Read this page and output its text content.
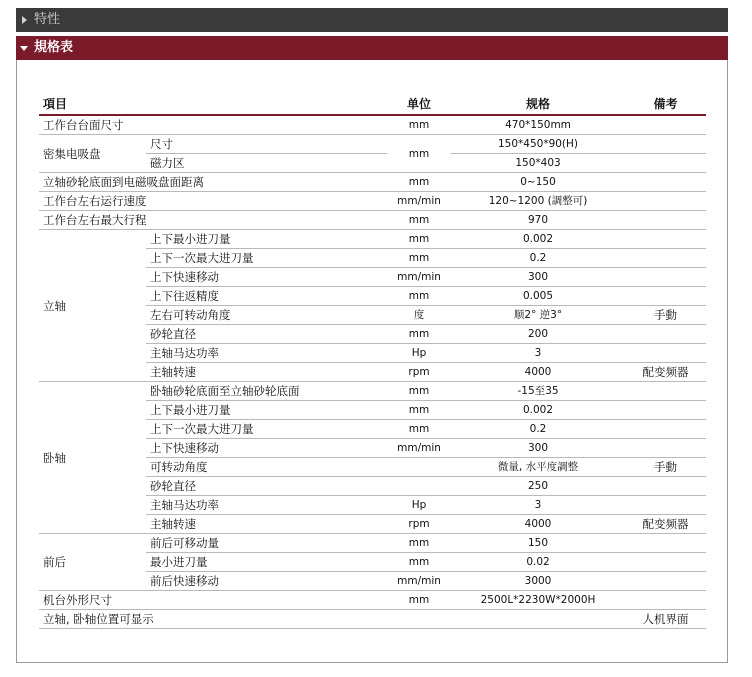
特性
規格表
項目		单位	规格	備考
工作台台面尺寸		mm	470*150mm	
密集电吸盘	尺寸	mm	150*450*90(H)	
	磁力区		150*403	
立轴砂轮底面到电磁吸盘面距离		mm	0~150	
工作台左右运行速度		mm/min	120~1200 (調整可)	
工作台左右最大行程		mm	970	
立轴	上下最小进刀量	mm	0.002	
	上下一次最大进刀量	mm	0.2	
	上下快速移动	mm/min	300	
	上下往返精度	mm	0.005	
	左右可转动角度	度	顺2° 逆3°	手動
	砂轮直径	mm	200	
	主轴马达功率	Hp	3	
	主轴转速	rpm	4000	配变频器
卧轴	卧轴砂轮底面至立轴砂轮底面	mm	-15至35	
	上下最小进刀量	mm	0.002	
	上下一次最大进刀量	mm	0.2	
	上下快速移动	mm/min	300	
	可转动角度		微量, 水平度調整	手動
	砂轮直径		250	
	主轴马达功率	Hp	3	
	主轴转速	rpm	4000	配变频器
前后	前后可移动量	mm	150	
	最小进刀量	mm	0.02	
	前后快速移动	mm/min	3000	
机台外形尺寸		mm	2500L*2230W*2000H	
立轴, 卧轴位置可显示				人机界面
